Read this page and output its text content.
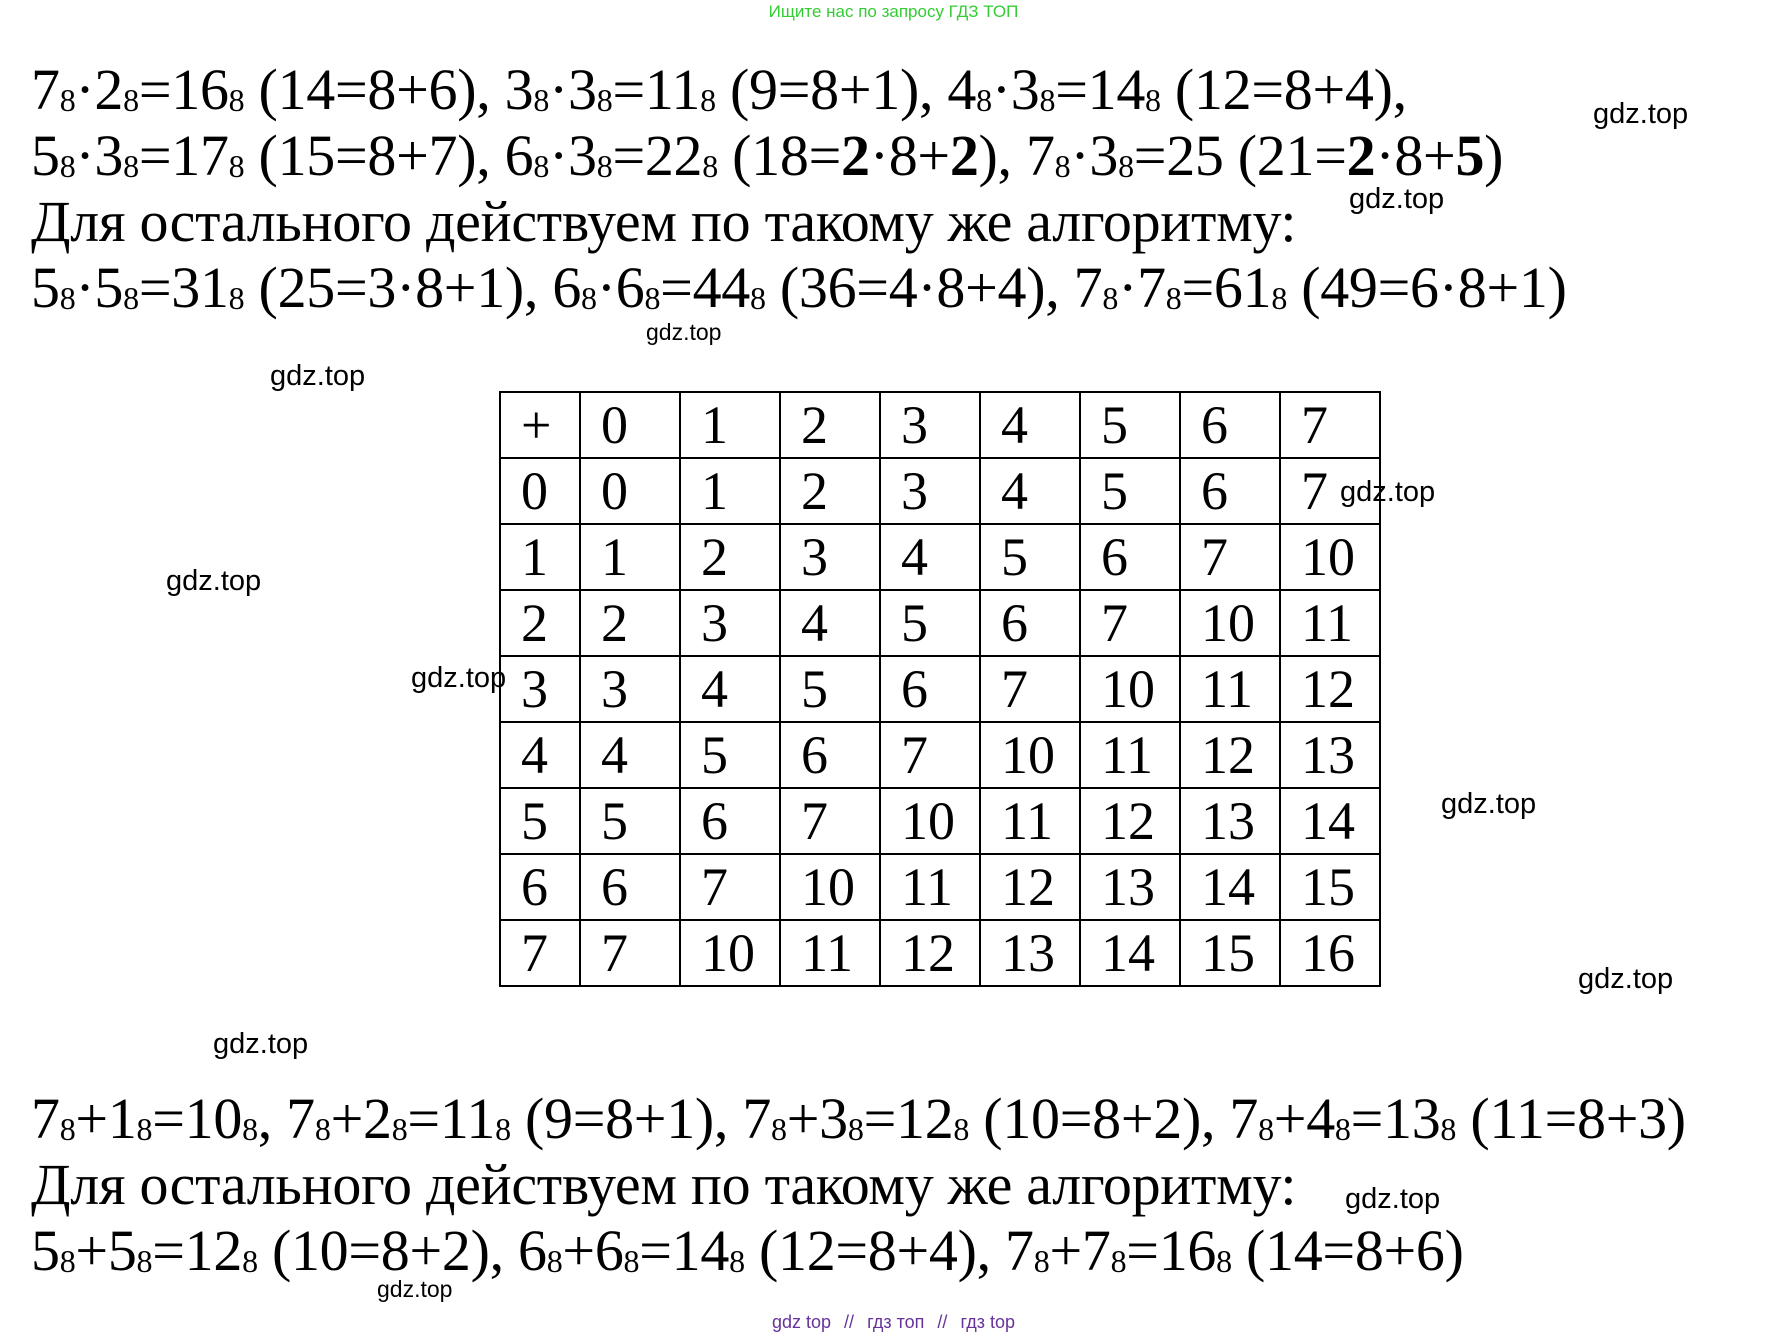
Ищите нас по запросу ГДЗ ТОП
$7_8\cdot 2_8=16_8$ (14=8+6), $3_8\cdot 3_8=11_8$ (9=8+1), $4_8\cdot 3_8=14_8$ (12=8+4),
$5_8\cdot 3_8=17_8$ (15=8+7), $6_8\cdot 3_8=22_8$ (18=2·8+2), $7_8\cdot 3_8=25$ (21=2·8+5)
Для остального действуем по такому же алгоритму:
$5_8\cdot 5_8=31_8$ (25=3·8+1), $6_8\cdot 6_8=44_8$ (36=4·8+4), $7_8\cdot 7_8=61_8$ (49=6·8+1)
+	0	1	2	3	4	5	6	7
0	0	1	2	3	4	5	6	7
1	1	2	3	4	5	6	7	10
2	2	3	4	5	6	7	10	11
3	3	4	5	6	7	10	11	12
4	4	5	6	7	10	11	12	13
5	5	6	7	10	11	12	13	14
6	6	7	10	11	12	13	14	15
7	7	10	11	12	13	14	15	16
$7_8+1_8=10_8$, $7_8+2_8=11_8$ (9=8+1), $7_8+3_8=12_8$ (10=8+2), $7_8+4_8=13_8$ (11=8+3)
Для остального действуем по такому же алгоритму:
$5_8+5_8=12_8$ (10=8+2), $6_8+6_8=14_8$ (12=8+4), $7_8+7_8=16_8$ (14=8+6)
gdz.top
gdz.top
gdz.top
gdz.top
gdz.top
gdz.top
gdz.top
gdz.top
gdz.top
gdz.top
gdz.top
gdz.top
gdz top // гдз топ // гдз top
